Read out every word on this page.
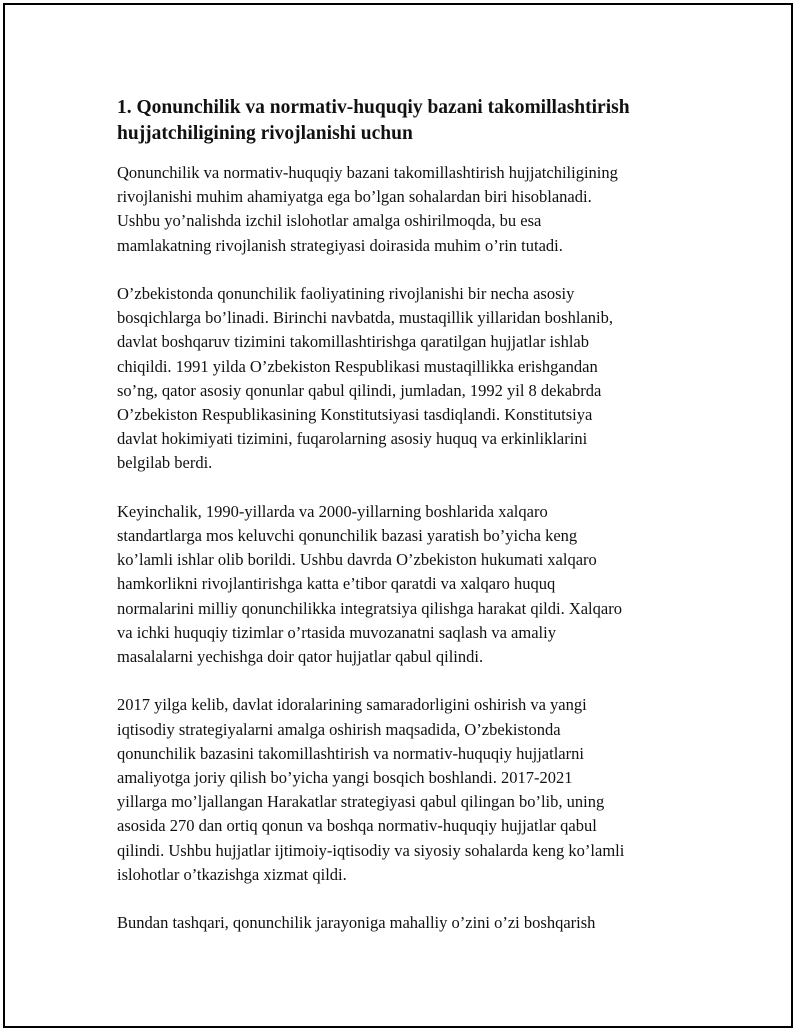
1. Qonunchilik va normativ-huquqiy bazani takomillashtirish
hujjatchiligining rivojlanishi uchun

Qonunchilik va normativ-huquqiy bazani takomillashtirish hujjatchiligining
rivojlanishi muhim ahamiyatga ega bo’lgan sohalardan biri hisoblanadi.
Ushbu yo’nalishda izchil islohotlar amalga oshirilmoqda, bu esa
mamlakatning rivojlanish strategiyasi doirasida muhim o’rin tutadi.

O’zbekistonda qonunchilik faoliyatining rivojlanishi bir necha asosiy
bosqichlarga bo’linadi. Birinchi navbatda, mustaqillik yillaridan boshlanib,
davlat boshqaruv tizimini takomillashtirishga qaratilgan hujjatlar ishlab
chiqildi. 1991 yilda O’zbekiston Respublikasi mustaqillikka erishgandan
so’ng, qator asosiy qonunlar qabul qilindi, jumladan, 1992 yil 8 dekabrda
O’zbekiston Respublikasining Konstitutsiyasi tasdiqlandi. Konstitutsiya
davlat hokimiyati tizimini, fuqarolarning asosiy huquq va erkinliklarini
belgilab berdi.

Keyinchalik, 1990-yillarda va 2000-yillarning boshlarida xalqaro
standartlarga mos keluvchi qonunchilik bazasi yaratish bo’yicha keng
ko’lamli ishlar olib borildi. Ushbu davrda O’zbekiston hukumati xalqaro
hamkorlikni rivojlantirishga katta e’tibor qaratdi va xalqaro huquq
normalarini milliy qonunchilikka integratsiya qilishga harakat qildi. Xalqaro
va ichki huquqiy tizimlar o’rtasida muvozanatni saqlash va amaliy
masalalarni yechishga doir qator hujjatlar qabul qilindi.

2017 yilga kelib, davlat idoralarining samaradorligini oshirish va yangi
iqtisodiy strategiyalarni amalga oshirish maqsadida, O’zbekistonda
qonunchilik bazasini takomillashtirish va normativ-huquqiy hujjatlarni
amaliyotga joriy qilish bo’yicha yangi bosqich boshlandi. 2017-2021
yillarga mo’ljallangan Harakatlar strategiyasi qabul qilingan bo’lib, uning
asosida 270 dan ortiq qonun va boshqa normativ-huquqiy hujjatlar qabul
qilindi. Ushbu hujjatlar ijtimoiy-iqtisodiy va siyosiy sohalarda keng ko’lamli
islohotlar o’tkazishga xizmat qildi.

Bundan tashqari, qonunchilik jarayoniga mahalliy o’zini o’zi boshqarish
